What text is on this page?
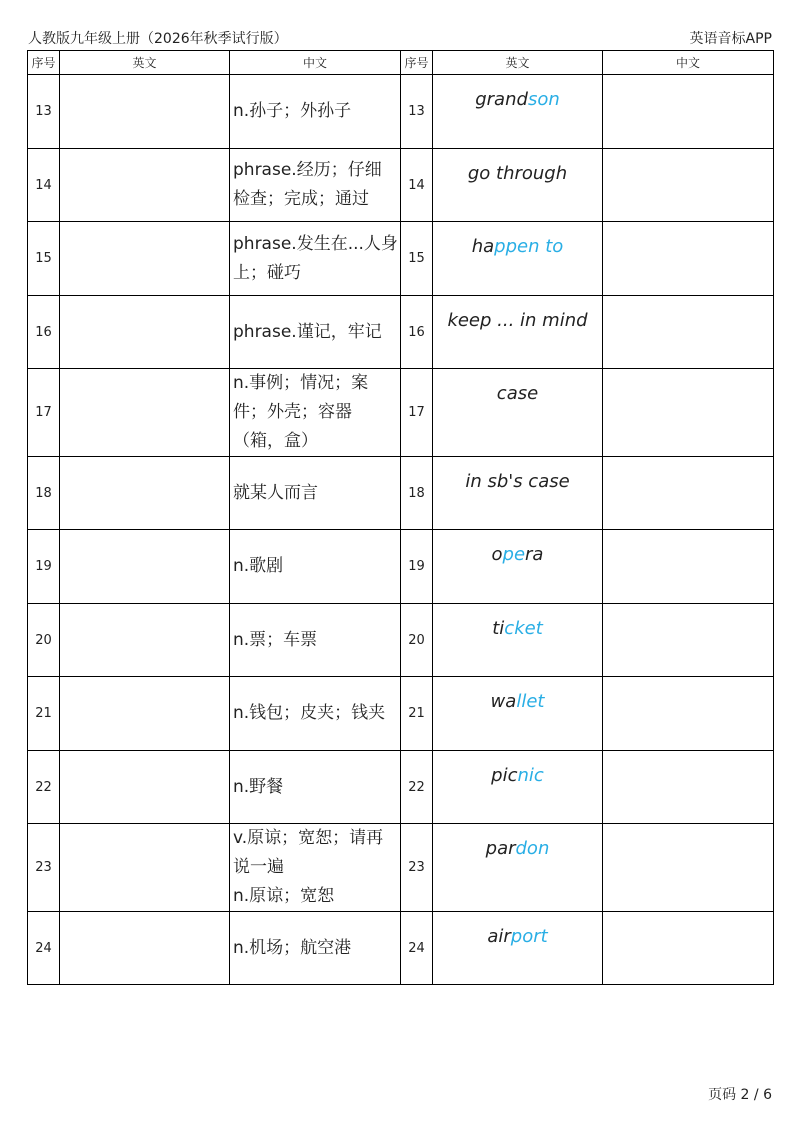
人教版九年级上册（2026年秋季试行版）	英语音标APP
序号	英文	中文	序号	英文	中文
13		n.孙子；外孙子	13	grandson	
14		phrase.经历；仔细检查；完成；通过	14	go through	
15		phrase.发生在...人身上；碰巧	15	happen to	
16		phrase.谨记，牢记	16	keep ... in mind	
17		n.事例；情况；案件；外壳；容器（箱，盒）	17	case	
18		就某人而言	18	in sb's case	
19		n.歌剧	19	opera	
20		n.票；车票	20	ticket	
21		n.钱包；皮夹；钱夹	21	wallet	
22		n.野餐	22	picnic	
23		v.原谅；宽恕；请再说一遍
n.原谅；宽恕	23	pardon	
24		n.机场；航空港	24	airport	
页码 2 / 6
